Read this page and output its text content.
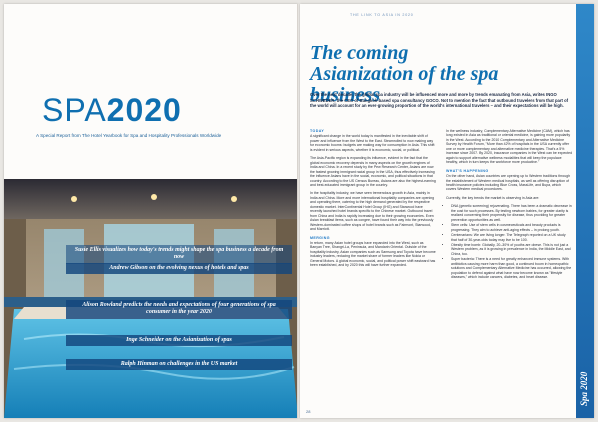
SPA2020
A Special Report from The Hotel Yearbook for Spa and Hospitality Professionals Worldwide
Andrew Gibson on the evolving nexus of hotels and spas
Alison Rowland predicts the needs and expectations of four generations of spa consumer in the year 2020
Inge Schneider on the Asianization of spas
Ralph Hinman on challenges in the US market
Susie Ellis visualizes how today's trends might shape the spa business a decade from now
THE LINK TO ASIA IN 2020
The coming Asianization of the spa business
Over the next decade, the global spa industry will be influenced more and more by trends emanating from Asia, writes INGO SCHWEDER, the CEO of Bangkok-based spa consultancy GOCO. Not to mention the fact that outbound travelers from that part of the world will account for an ever-growing proportion of the world's international travelers – and their expectations will be high.
TODAY

A significant change in the world today is manifested in the inevitable shift of power and influence from the West to the East. Steamrolled to now making way for economic booms: budgets are making way for consumption in Asia. This shift is evident in serious aspects, whether it is economic, social, or political.

The Asia-Pacific region is expanding its influence, evident in the fact that the global economic recovery depends in many aspects on the growth engines of India and China. In a recent study by the Pew Research Center, Asians are now the fastest growing immigrant racial group in the USA, thus effectively increasing the influence Asians have in the social, economic, and political situations in that country. According to the US Census Bureau, Asians are also the highest-earning and best-educated immigrant group in the country.

In the hospitality industry, we have seen tremendous growth in Asia, mainly in India and China. More and more international hospitality companies are opening and operating there, catering to the high demand generated by the respective domestic market. InterContinental Hotel Group (IHG) and Starwood have recently launched hotel brands specific to the Chinese market. Outbound travel from China and India is rapidly increasing due to their growing economies. Even Asian breakfast items, such as congee, have found their way into the previously Western-dominated coffee shops of hotel brands such as Fairmont, Starwood, and Marriott.

MERGING

In return, many Asian hotel groups have expanded into the West, such as Banyan Tree, Shangri-La, Peninsula, and Mandarin Oriental. Outside of the hospitality industry, Asian companies such as Samsung and Toyota have become industry leaders, reducing the market share of former leaders like Nokia or General Motors. A global economic, social, and political power shift eastward has been established, and by 2020 this will have further expanded.

In the wellness industry, Complementary Alternative Medicine (CAM), which has long existed in Asia as traditional or oriental medicine, is gaining more popularity in the West. According to the 2010 Complementary and Alternative Medicine Survey by Health Forum, "More than 42% of hospitals in the USA currently offer one or more complementary and alternative medicine therapies. That's a 5% increase since 2007. By 2020, insurance companies in the West can be expected again to support alternative wellness modalities that will keep the populace healthy, which in turn keeps the workforce more productive."

WHAT'S HAPPENING

On the other hand, Asian countries are opening up to Western traditions through the establishment of Western medical hospitals, as well as offering disruption of health insurance policies including Blue Cross, MassLife, and Bupa, which covers Western medical procedures.

Currently, the key trends the market is observing in Asia are:

• DNA (genetic screening) rejuvenating. There has been a dramatic decrease in the cost for such processes. By testing newborn babies, for greater clarity is realized concerning their propensity for disease, thus providing for greater prevention opportunities as well.
• Stem cells: Use of stem cells in cosmeceuticals and beauty products is progressing. They aim to achieve anti-aging effects – in prolong youth.
• Centenarians: We are living longer. The Telegraph reported on a UK study that half of 30-year-olds today may live to be 100.
• Obesity time bomb: Globally, 20–30% of youths are obese. This is not just a Western problem, as it is growing in prevalence in India, the Middle East, and China, too.
• Super bacteria: There is a need for greatly enhanced immune systems. With antibiotics causing more harm than good, a continued boom in homeopathic solutions and Complementary Alternative Medicine has occurred, allowing the population to defend against what have now become known as "lifestyle diseases," which include cancers, diabetes, and heart disease.
Spa 2020
28
